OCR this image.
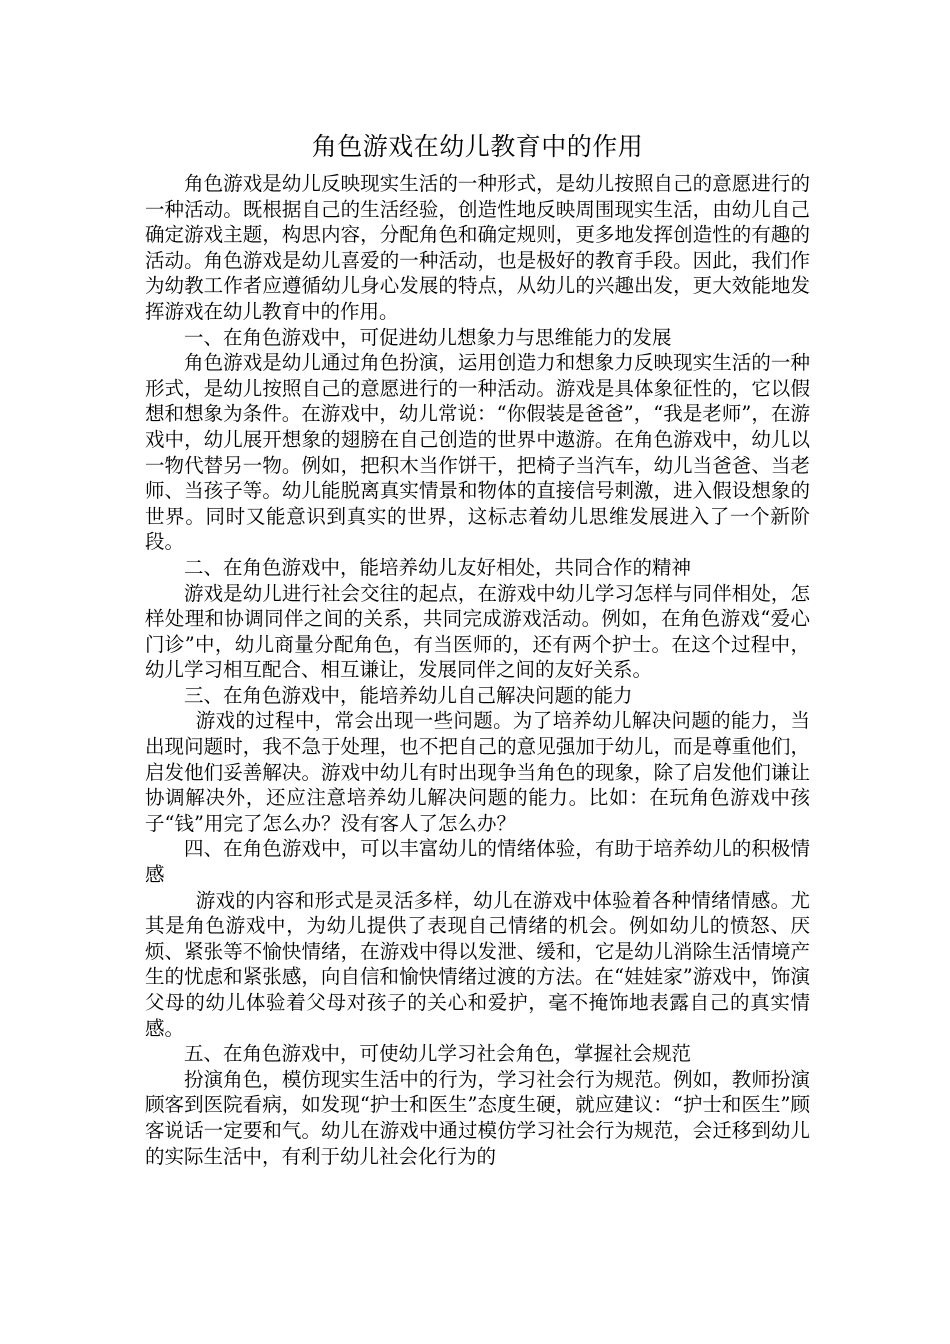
角色游戏在幼儿教育中的作用

角色游戏是幼儿反映现实生活的一种形式，是幼儿按照自己的意愿进行的一种活动。既根据自己的生活经验，创造性地反映周围现实生活，由幼儿自己确定游戏主题，构思内容，分配角色和确定规则，更多地发挥创造性的有趣的活动。角色游戏是幼儿喜爱的一种活动，也是极好的教育手段。因此，我们作为幼教工作者应遵循幼儿身心发展的特点，从幼儿的兴趣出发，更大效能地发挥游戏在幼儿教育中的作用。

一、在角色游戏中，可促进幼儿想象力与思维能力的发展

角色游戏是幼儿通过角色扮演，运用创造力和想象力反映现实生活的一种形式，是幼儿按照自己的意愿进行的一种活动。游戏是具体象征性的，它以假想和想象为条件。在游戏中，幼儿常说：“你假装是爸爸”，“我是老师”，在游戏中，幼儿展开想象的翅膀在自己创造的世界中遨游。在角色游戏中，幼儿以一物代替另一物。例如，把积木当作饼干，把椅子当汽车，幼儿当爸爸、当老师、当孩子等。幼儿能脱离真实情景和物体的直接信号刺激，进入假设想象的世界。同时又能意识到真实的世界，这标志着幼儿思维发展进入了一个新阶段。

二、在角色游戏中，能培养幼儿友好相处，共同合作的精神

游戏是幼儿进行社会交往的起点，在游戏中幼儿学习怎样与同伴相处，怎样处理和协调同伴之间的关系，共同完成游戏活动。例如，在角色游戏“爱心门诊”中，幼儿商量分配角色，有当医师的，还有两个护士。在这个过程中，幼儿学习相互配合、相互谦让，发展同伴之间的友好关系。

三、在角色游戏中，能培养幼儿自己解决问题的能力

游戏的过程中，常会出现一些问题。为了培养幼儿解决问题的能力，当出现问题时，我不急于处理，也不把自己的意见强加于幼儿，而是尊重他们，启发他们妥善解决。游戏中幼儿有时出现争当角色的现象，除了启发他们谦让协调解决外，还应注意培养幼儿解决问题的能力。比如：在玩角色游戏中孩子“钱”用完了怎么办？没有客人了怎么办？

四、在角色游戏中，可以丰富幼儿的情绪体验，有助于培养幼儿的积极情感

游戏的内容和形式是灵活多样，幼儿在游戏中体验着各种情绪情感。尤其是角色游戏中，为幼儿提供了表现自己情绪的机会。例如幼儿的愤怒、厌烦、紧张等不愉快情绪，在游戏中得以发泄、缓和，它是幼儿消除生活情境产生的忧虑和紧张感，向自信和愉快情绪过渡的方法。在“娃娃家”游戏中，饰演父母的幼儿体验着父母对孩子的关心和爱护，毫不掩饰地表露自己的真实情感。

五、在角色游戏中，可使幼儿学习社会角色，掌握社会规范

扮演角色，模仿现实生活中的行为，学习社会行为规范。例如，教师扮演顾客到医院看病，如发现“护士和医生”态度生硬，就应建议：“护士和医生”顾客说话一定要和气。幼儿在游戏中通过模仿学习社会行为规范，会迁移到幼儿的实际生活中，有利于幼儿社会化行为的
